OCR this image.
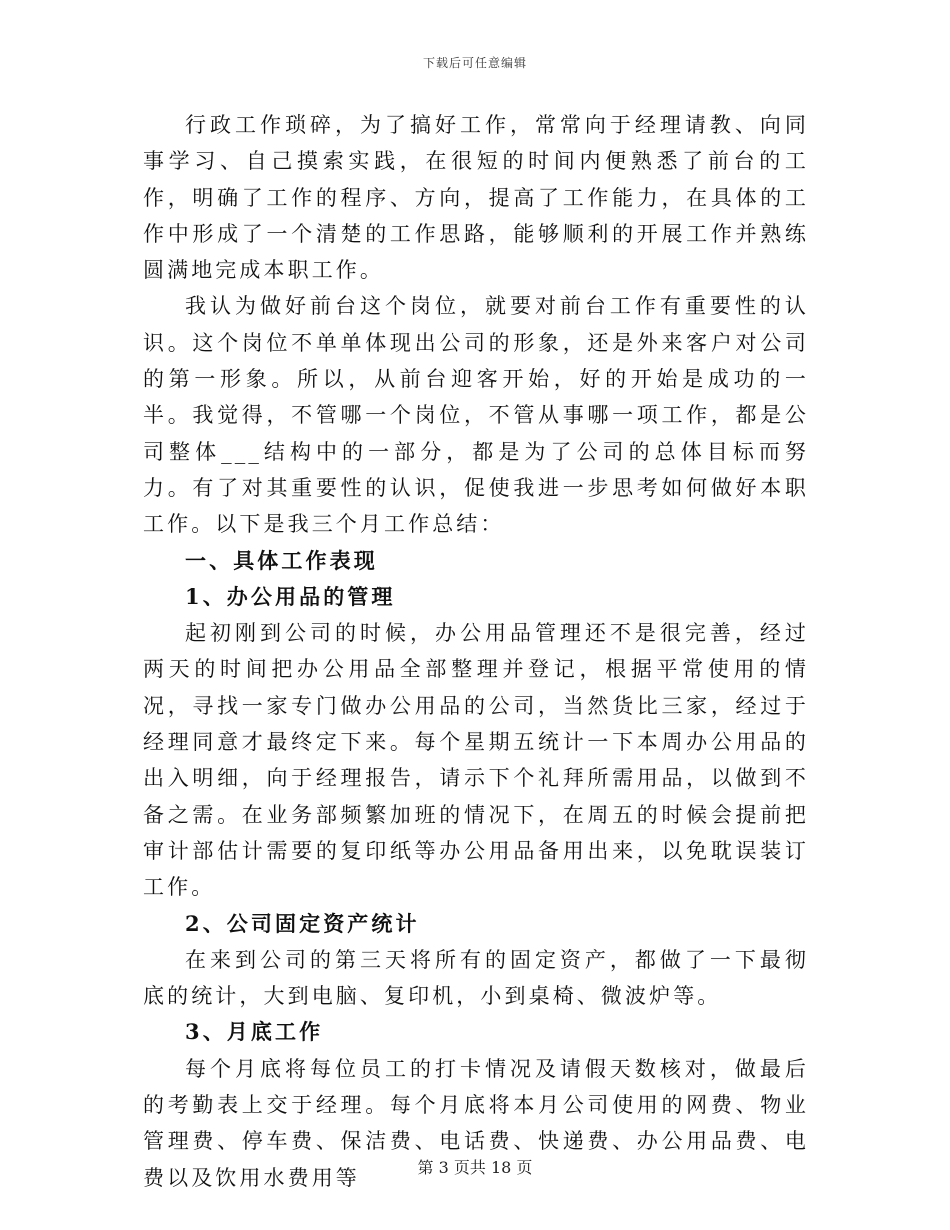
下载后可任意编辑

行政工作琐碎，为了搞好工作，常常向于经理请教、向同事学习、自己摸索实践，在很短的时间内便熟悉了前台的工作，明确了工作的程序、方向，提高了工作能力，在具体的工作中形成了一个清楚的工作思路，能够顺利的开展工作并熟练圆满地完成本职工作。

我认为做好前台这个岗位，就要对前台工作有重要性的认识。这个岗位不单单体现出公司的形象，还是外来客户对公司的第一形象。所以，从前台迎客开始，好的开始是成功的一半。我觉得，不管哪一个岗位，不管从事哪一项工作，都是公司整体___结构中的一部分，都是为了公司的总体目标而努力。有了对其重要性的认识，促使我进一步思考如何做好本职工作。以下是我三个月工作总结：

一、具体工作表现

1、办公用品的管理

起初刚到公司的时候，办公用品管理还不是很完善，经过两天的时间把办公用品全部整理并登记，根据平常使用的情况，寻找一家专门做办公用品的公司，当然货比三家，经过于经理同意才最终定下来。每个星期五统计一下本周办公用品的出入明细，向于经理报告，请示下个礼拜所需用品，以做到不备之需。在业务部频繁加班的情况下，在周五的时候会提前把审计部估计需要的复印纸等办公用品备用出来，以免耽误装订工作。

2、公司固定资产统计

在来到公司的第三天将所有的固定资产，都做了一下最彻底的统计，大到电脑、复印机，小到桌椅、微波炉等。

3、月底工作

每个月底将每位员工的打卡情况及请假天数核对，做最后的考勤表上交于经理。每个月底将本月公司使用的网费、物业管理费、停车费、保洁费、电话费、快递费、办公用品费、电费以及饮用水费用等	第 3 页共 18 页
